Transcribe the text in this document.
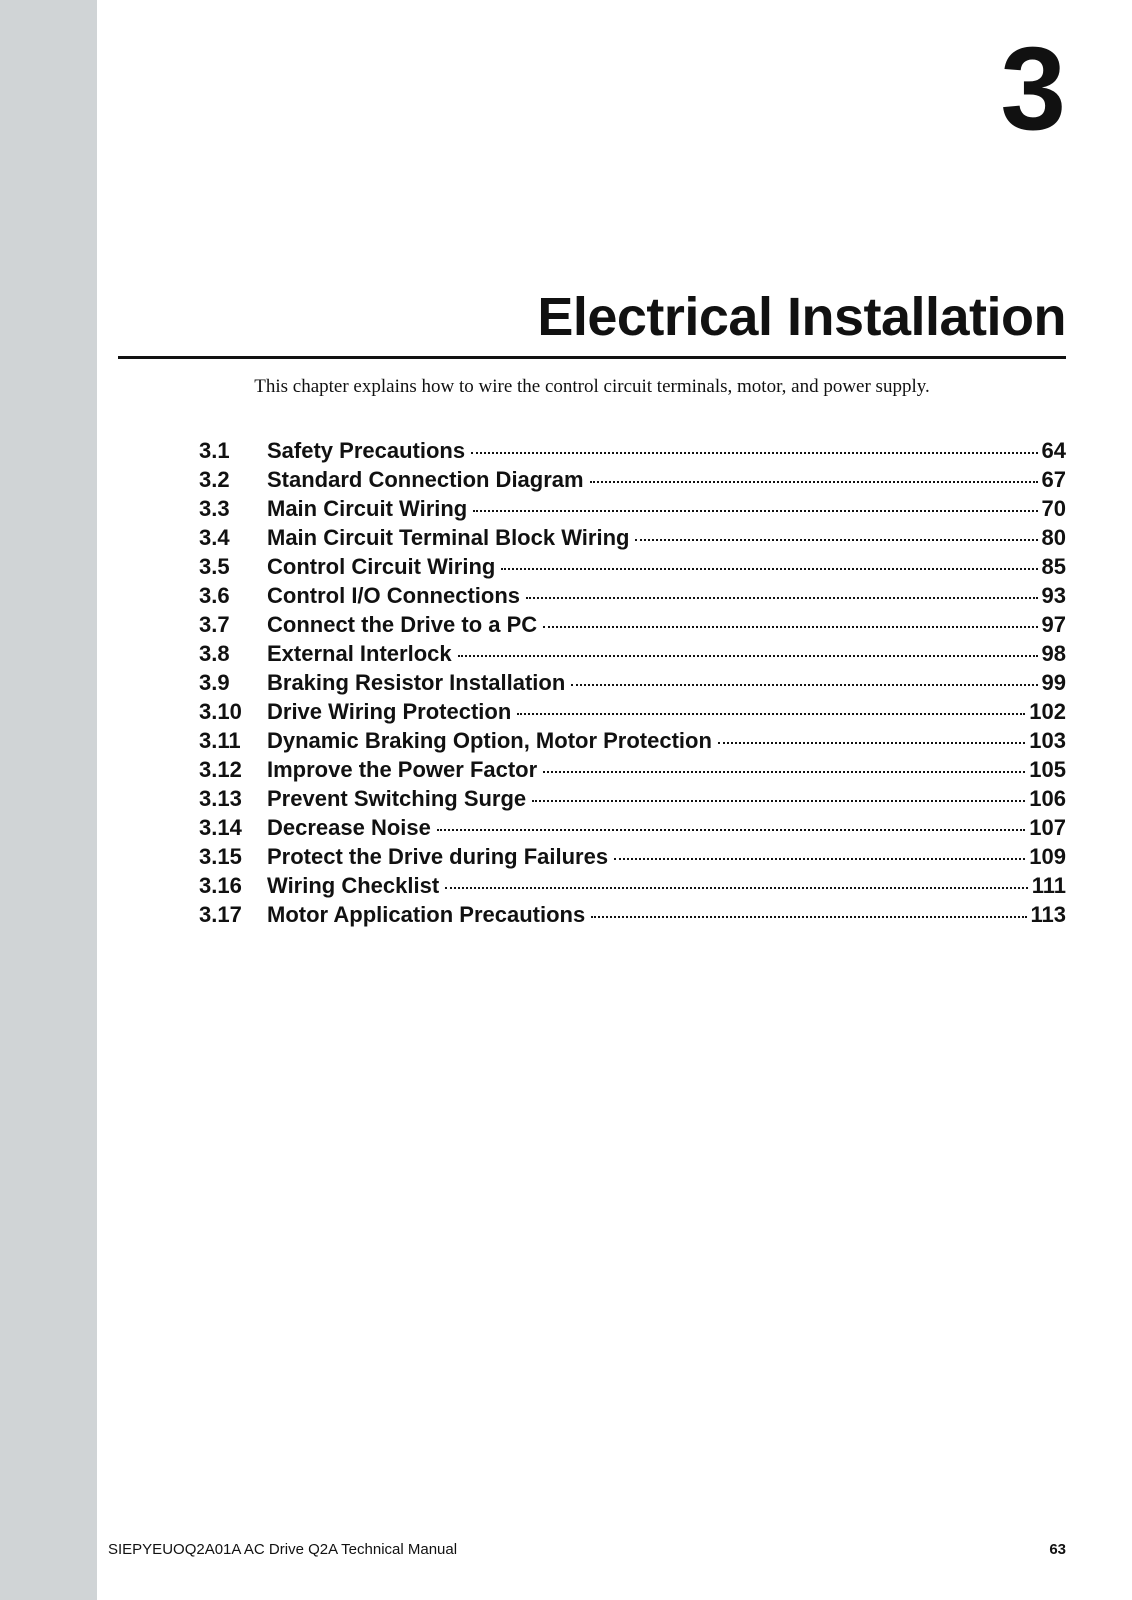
3
Electrical Installation
This chapter explains how to wire the control circuit terminals, motor, and power supply.
3.1	Safety Precautions	64
3.2	Standard Connection Diagram	67
3.3	Main Circuit Wiring	70
3.4	Main Circuit Terminal Block Wiring	80
3.5	Control Circuit Wiring	85
3.6	Control I/O Connections	93
3.7	Connect the Drive to a PC	97
3.8	External Interlock	98
3.9	Braking Resistor Installation	99
3.10	Drive Wiring Protection	102
3.11	Dynamic Braking Option, Motor Protection	103
3.12	Improve the Power Factor	105
3.13	Prevent Switching Surge	106
3.14	Decrease Noise	107
3.15	Protect the Drive during Failures	109
3.16	Wiring Checklist	111
3.17	Motor Application Precautions	113
SIEPYEUOQ2A01A AC Drive Q2A Technical Manual	63
